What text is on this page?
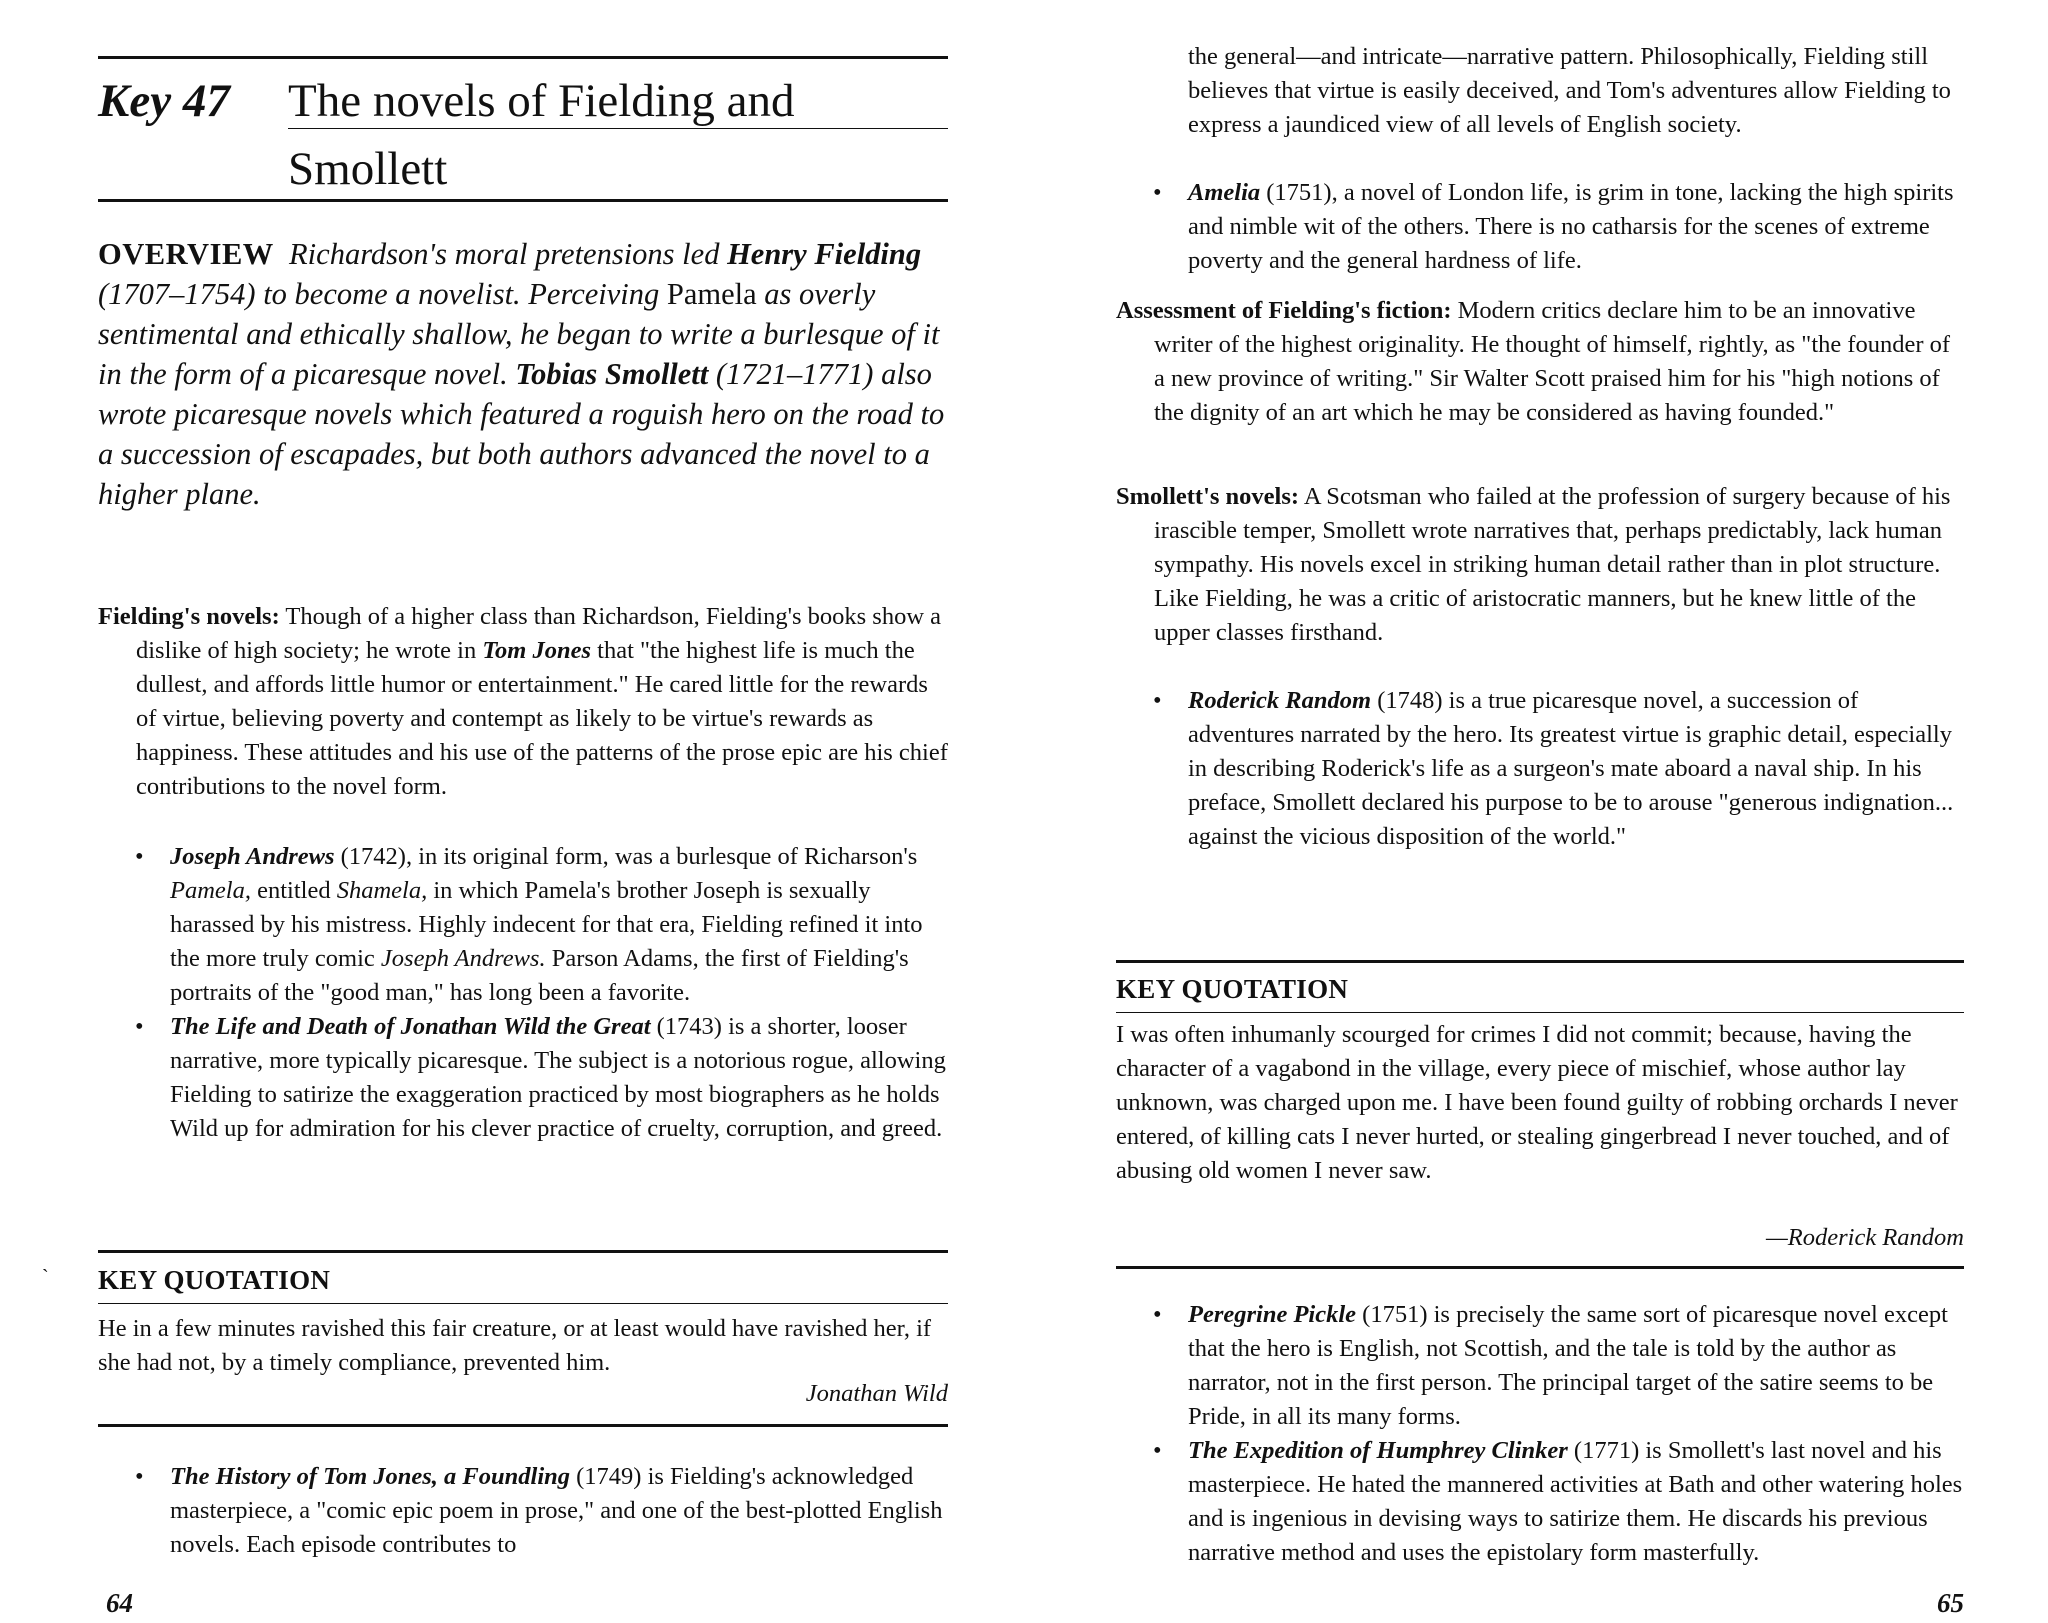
Key 47 The novels of Fielding and
Smollett

OVERVIEW Richardson's moral pretensions led Henry Fielding (1707–1754) to become a novelist. Perceiving Pamela as overly sentimental and ethically shallow, he began to write a burlesque of it in the form of a picaresque novel. Tobias Smollett (1721–1771) also wrote picaresque novels which featured a roguish hero on the road to a succession of escapades, but both authors advanced the novel to a higher plane.

Fielding's novels: Though of a higher class than Richardson, Fielding's books show a dislike of high society; he wrote in Tom Jones that "the highest life is much the dullest, and affords little humor or entertainment." He cared little for the rewards of virtue, believing poverty and contempt as likely to be virtue's rewards as happiness. These attitudes and his use of the patterns of the prose epic are his chief contributions to the novel form.

• Joseph Andrews (1742), in its original form, was a burlesque of Richarson's Pamela, entitled Shamela, in which Pamela's brother Joseph is sexually harassed by his mistress. Highly indecent for that era, Fielding refined it into the more truly comic Joseph Andrews. Parson Adams, the first of Fielding's portraits of the "good man," has long been a favorite.
• The Life and Death of Jonathan Wild the Great (1743) is a shorter, looser narrative, more typically picaresque. The subject is a notorious rogue, allowing Fielding to satirize the exaggeration practiced by most biographers as he holds Wild up for admiration for his clever practice of cruelty, corruption, and greed.
KEY QUOTATION

He in a few minutes ravished this fair creature, or at least would have ravished her, if she had not, by a timely compliance, prevented him.

Jonathan Wild
• The History of Tom Jones, a Foundling (1749) is Fielding's acknowledged masterpiece, a "comic epic poem in prose," and one of the best-plotted English novels. Each episode contributes to
64
`

the general—and intricate—narrative pattern. Philosophically, Fielding still believes that virtue is easily deceived, and Tom's adventures allow Fielding to express a jaundiced view of all levels of English society.

• Amelia (1751), a novel of London life, is grim in tone, lacking the high spirits and nimble wit of the others. There is no catharsis for the scenes of extreme poverty and the general hardness of life.

Assessment of Fielding's fiction: Modern critics declare him to be an innovative writer of the highest originality. He thought of himself, rightly, as "the founder of a new province of writing." Sir Walter Scott praised him for his "high notions of the dignity of an art which he may be considered as having founded."

Smollett's novels: A Scotsman who failed at the profession of surgery because of his irascible temper, Smollett wrote narratives that, perhaps predictably, lack human sympathy. His novels excel in striking human detail rather than in plot structure. Like Fielding, he was a critic of aristocratic manners, but he knew little of the upper classes firsthand.

• Roderick Random (1748) is a true picaresque novel, a succession of adventures narrated by the hero. Its greatest virtue is graphic detail, especially in describing Roderick's life as a surgeon's mate aboard a naval ship. In his preface, Smollett declared his purpose to be to arouse "generous indignation... against the vicious disposition of the world."
KEY QUOTATION

I was often inhumanly scourged for crimes I did not commit; because, having the character of a vagabond in the village, every piece of mischief, whose author lay unknown, was charged upon me. I have been found guilty of robbing orchards I never entered, of killing cats I never hurted, or stealing gingerbread I never touched, and of abusing old women I never saw.

—Roderick Random
• Peregrine Pickle (1751) is precisely the same sort of picaresque novel except that the hero is English, not Scottish, and the tale is told by the author as narrator, not in the first person. The principal target of the satire seems to be Pride, in all its many forms.
• The Expedition of Humphrey Clinker (1771) is Smollett's last novel and his masterpiece. He hated the mannered activities at Bath and other watering holes and is ingenious in devising ways to satirize them. He discards his previous narrative method and uses the epistolary form masterfully.
65
